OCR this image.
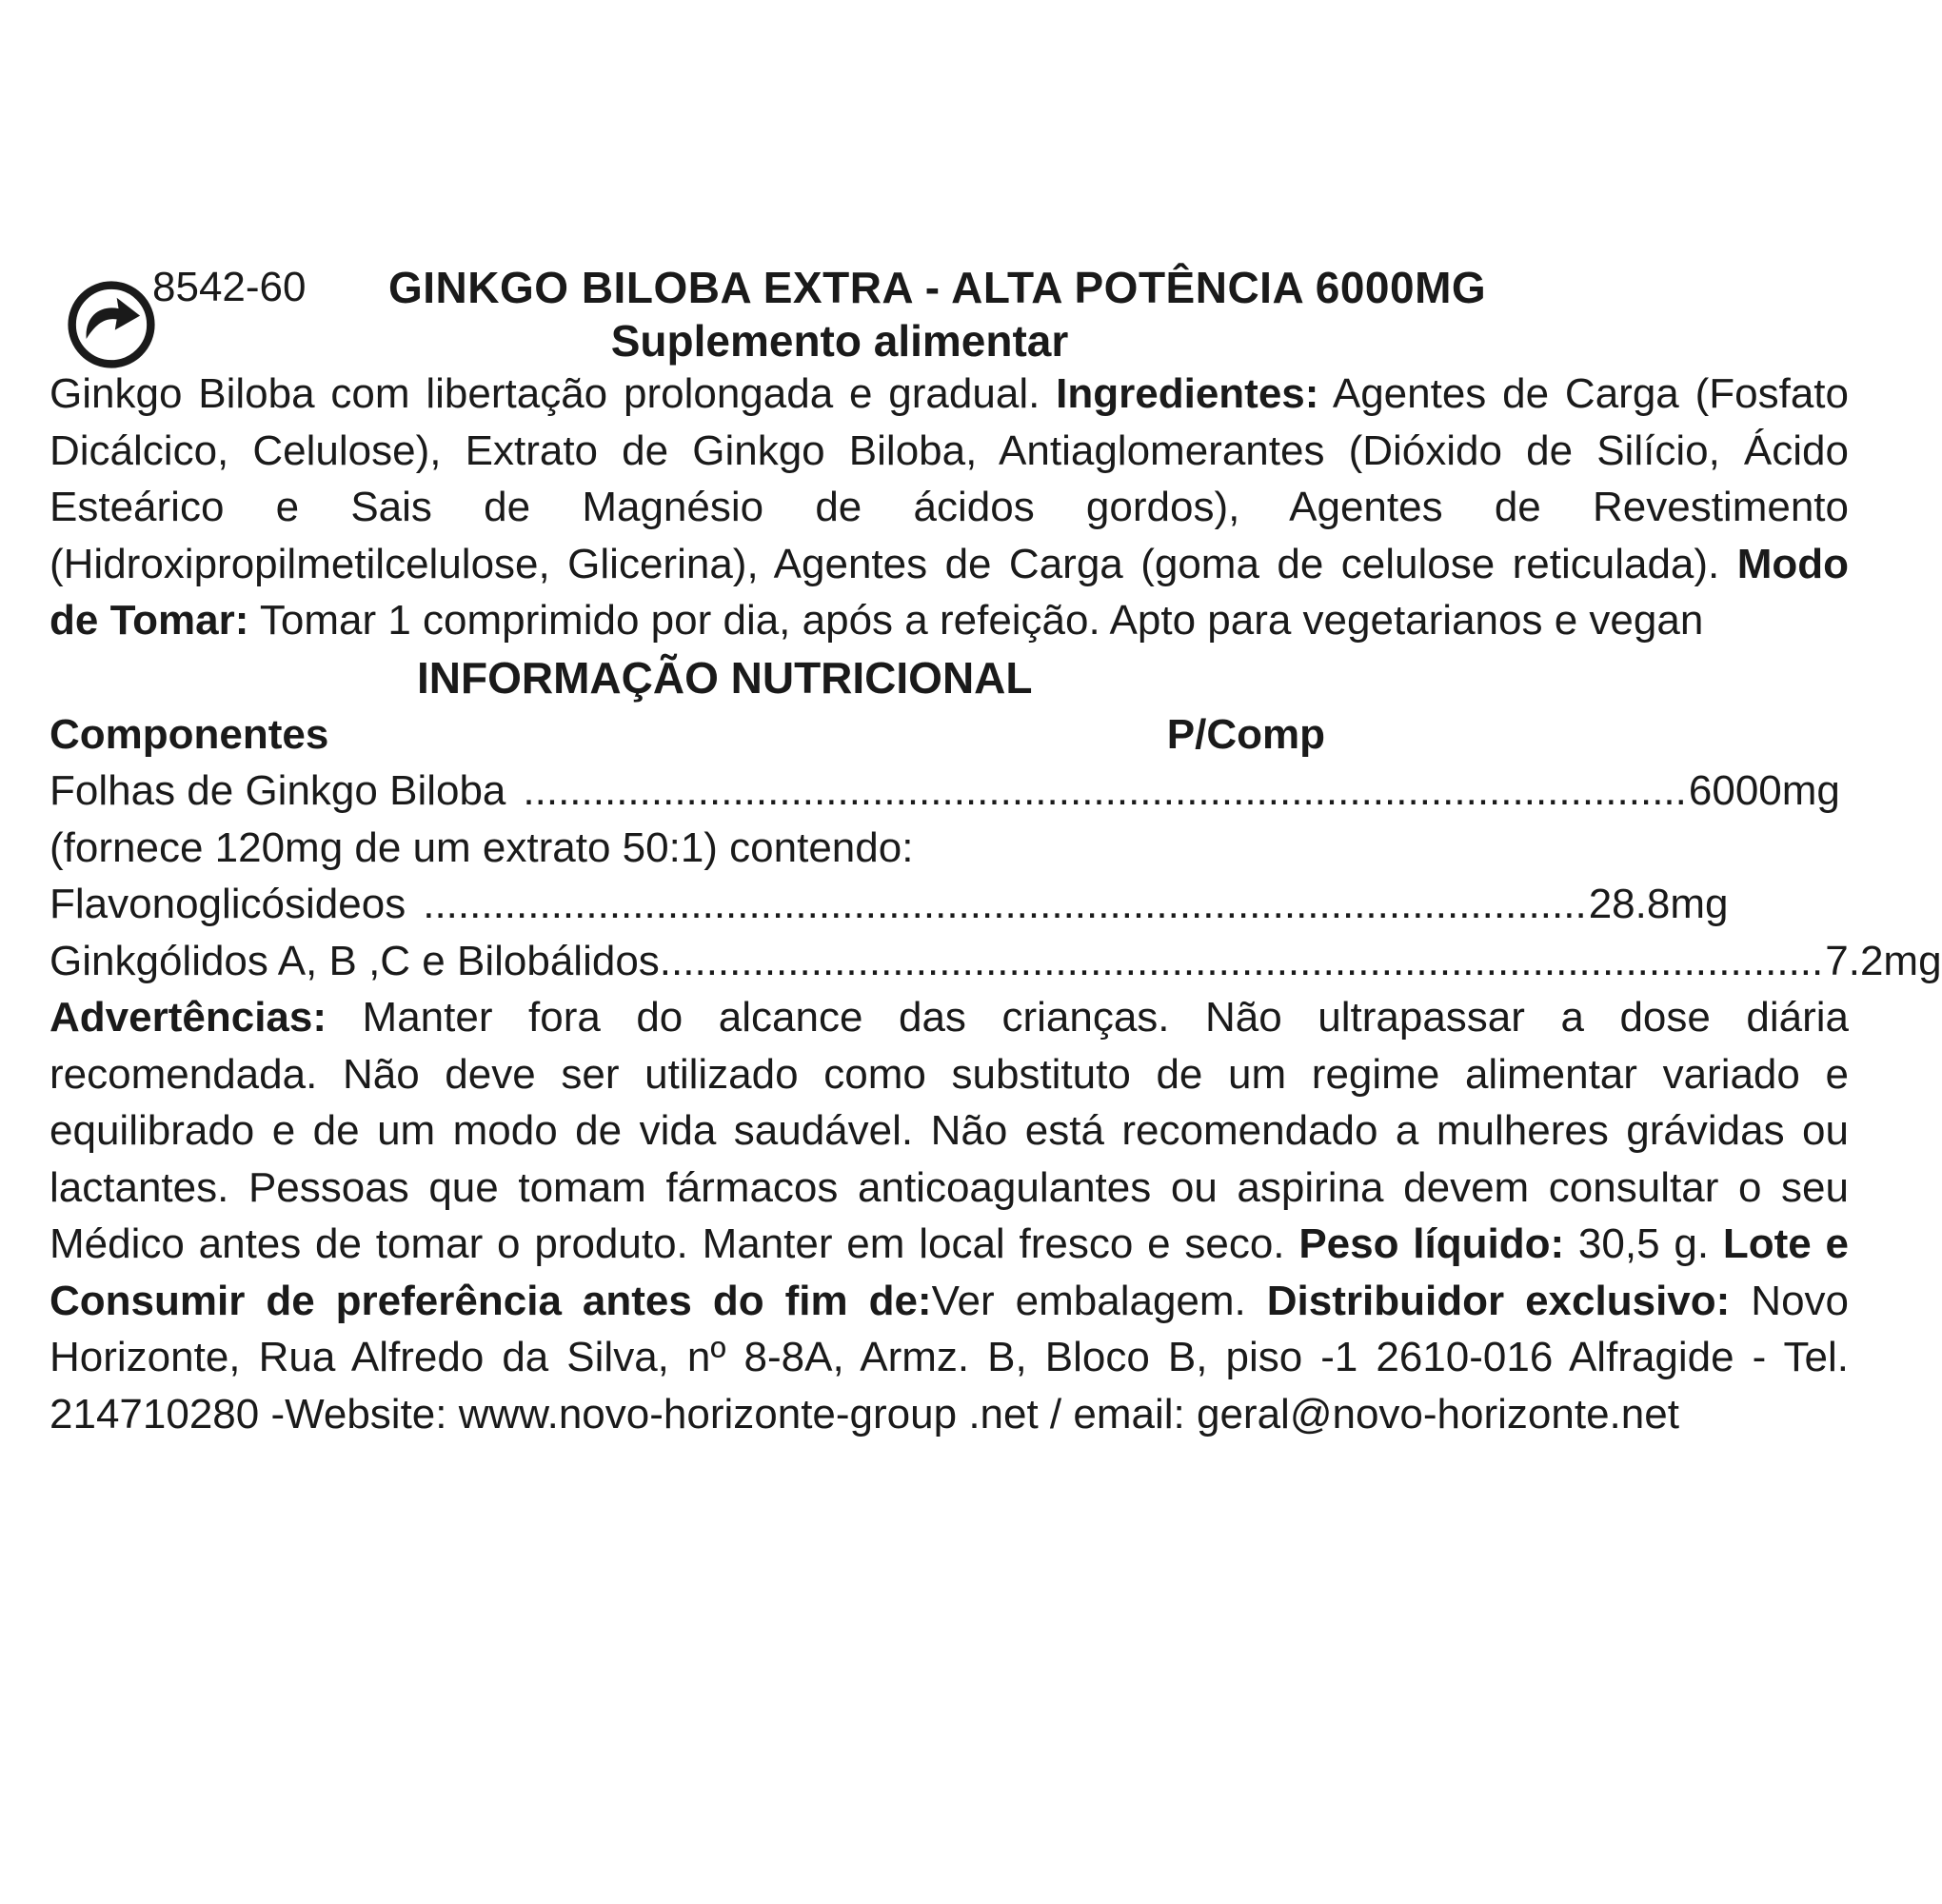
8542-60 GINKGO BILOBA EXTRA - ALTA POTÊNCIA 6000MG
Suplemento alimentar

Ginkgo Biloba com libertação prolongada e gradual. Ingredientes: Agentes de Carga (Fosfato Dicálcico, Celulose), Extrato de Ginkgo Biloba, Antiaglomerantes (Dióxido de Silício, Ácido Esteárico e Sais de Magnésio de ácidos gordos), Agentes de Revestimento (Hidroxipropilmetilcelulose, Glicerina), Agentes de Carga (goma de celulose reticulada). Modo de Tomar: Tomar 1 comprimido por dia, após a refeição. Apto para vegetarianos e vegan

INFORMAÇÃO NUTRICIONAL
Componentes	P/Comp
Folhas de Ginkgo Biloba .................................................................................................... 6000mg
(fornece 120mg de um extrato 50:1) contendo:
Flavonoglicósideos .................................................................................................... 28.8mg
Ginkgólidos A, B ,C e Bilobálidos .................................................................................................... 7.2mg

Advertências: Manter fora do alcance das crianças. Não ultrapassar a dose diária recomendada. Não deve ser utilizado como substituto de um regime alimentar variado e equilibrado e de um modo de vida saudável. Não está recomendado a mulheres grávidas ou lactantes. Pessoas que tomam fármacos anticoagulantes ou aspirina devem consultar o seu Médico antes de tomar o produto. Manter em local fresco e seco. Peso líquido: 30,5 g. Lote e Consumir de preferência antes do fim de:Ver embalagem. Distribuidor exclusivo: Novo Horizonte, Rua Alfredo da Silva, nº 8-8A, Armz. B, Bloco B, piso -1 2610-016 Alfragide - Tel. 214710280 -Website: www.novo-horizonte-group .net / email: geral@novo-horizonte.net
